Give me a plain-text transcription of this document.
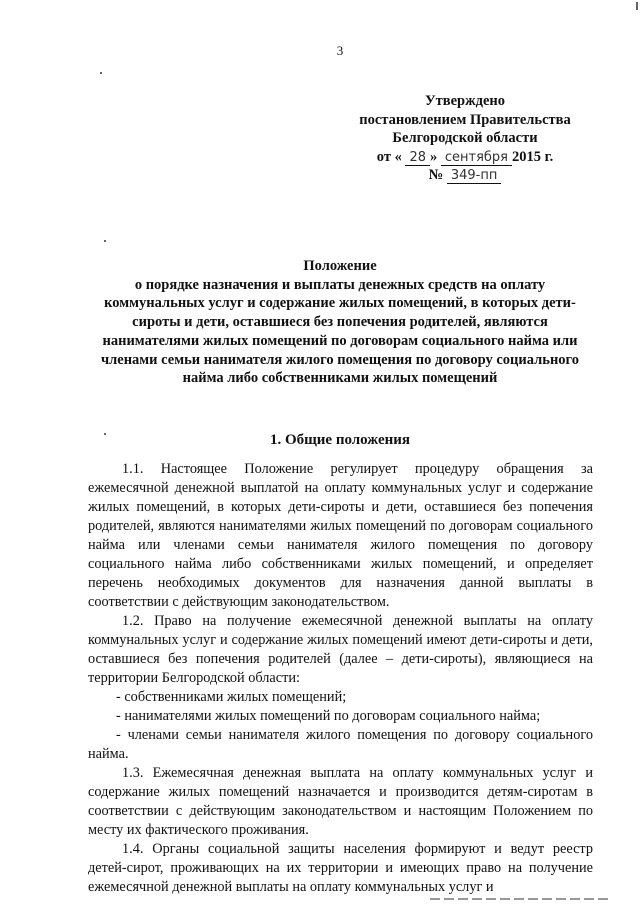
3
Утверждено
постановлением Правительства
Белгородской области
от « 28 » сентября 2015 г.
№ 349-пп
Положение
о порядке назначения и выплаты денежных средств на оплату
коммунальных услуг и содержание жилых помещений, в которых дети-
сироты и дети, оставшиеся без попечения родителей, являются
нанимателями жилых помещений по договорам социального найма или
членами семьи нанимателя жилого помещения по договору социального
найма либо собственниками жилых помещений
1. Общие положения

1.1. Настоящее Положение регулирует процедуру обращения за ежемесячной денежной выплатой на оплату коммунальных услуг и содержание жилых помещений, в которых дети-сироты и дети, оставшиеся без попечения родителей, являются нанимателями жилых помещений по договорам социального найма или членами семьи нанимателя жилого помещения по договору социального найма либо собственниками жилых помещений, и определяет перечень необходимых документов для назначения данной выплаты в соответствии с действующим законодательством.

1.2. Право на получение ежемесячной денежной выплаты на оплату коммунальных услуг и содержание жилых помещений имеют дети-сироты и дети, оставшиеся без попечения родителей (далее – дети-сироты), являющиеся на территории Белгородской области:

- собственниками жилых помещений;

- нанимателями жилых помещений по договорам социального найма;

- членами семьи нанимателя жилого помещения по договору социального найма.

1.3. Ежемесячная денежная выплата на оплату коммунальных услуг и содержание жилых помещений назначается и производится детям-сиротам в соответствии с действующим законодательством и настоящим Положением по месту их фактического проживания.

1.4. Органы социальной защиты населения формируют и ведут реестр детей-сирот, проживающих на их территории и имеющих право на получение ежемесячной денежной выплаты на оплату коммунальных услуг и
